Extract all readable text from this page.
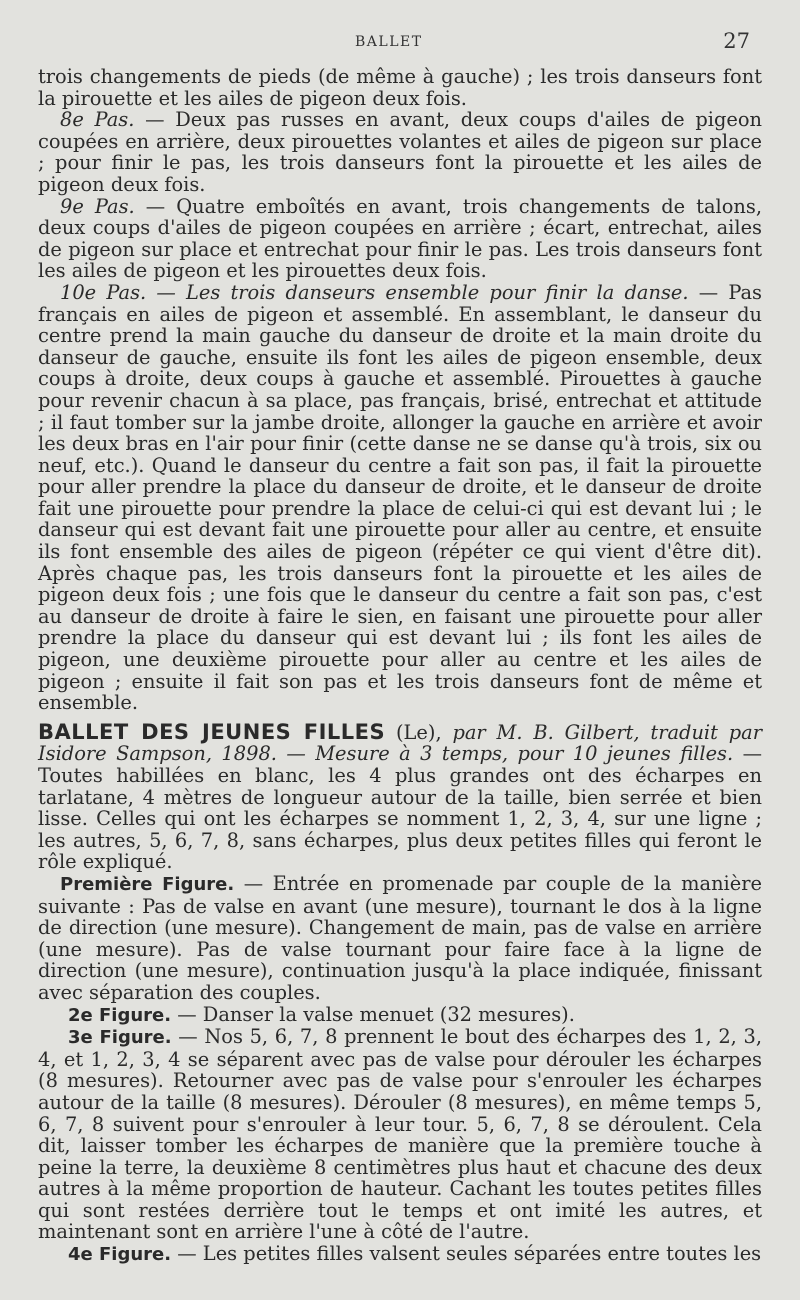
BALLET	27

trois changements de pieds (de même à gauche) ; les trois danseurs font la pirouette et les ailes de pigeon deux fois.

8e Pas. — Deux pas russes en avant, deux coups d'ailes de pigeon coupées en arrière, deux pirouettes volantes et ailes de pigeon sur place ; pour finir le pas, les trois danseurs font la pirouette et les ailes de pigeon deux fois.

9e Pas. — Quatre emboîtés en avant, trois changements de talons, deux coups d'ailes de pigeon coupées en arrière ; écart, entrechat, ailes de pigeon sur place et entrechat pour finir le pas. Les trois danseurs font les ailes de pigeon et les pirouettes deux fois.

10e Pas. — Les trois danseurs ensemble pour finir la danse. — Pas français en ailes de pigeon et assemblé. En assemblant, le danseur du centre prend la main gauche du danseur de droite et la main droite du danseur de gauche, ensuite ils font les ailes de pigeon ensemble, deux coups à droite, deux coups à gauche et assemblé. Pirouettes à gauche pour revenir chacun à sa place, pas français, brisé, entrechat et attitude ; il faut tomber sur la jambe droite, allonger la gauche en arrière et avoir les deux bras en l'air pour finir (cette danse ne se danse qu'à trois, six ou neuf, etc.). Quand le danseur du centre a fait son pas, il fait la pirouette pour aller prendre la place du danseur de droite, et le danseur de droite fait une pirouette pour prendre la place de celui-ci qui est devant lui ; le danseur qui est devant fait une pirouette pour aller au centre, et ensuite ils font ensemble des ailes de pigeon (répéter ce qui vient d'être dit). Après chaque pas, les trois danseurs font la pirouette et les ailes de pigeon deux fois ; une fois que le danseur du centre a fait son pas, c'est au danseur de droite à faire le sien, en faisant une pirouette pour aller prendre la place du danseur qui est devant lui ; ils font les ailes de pigeon, une deuxième pirouette pour aller au centre et les ailes de pigeon ; ensuite il fait son pas et les trois danseurs font de même et ensemble.

BALLET DES JEUNES FILLES (Le), par M. B. Gilbert, traduit par Isidore Sampson, 1898. — Mesure à 3 temps, pour 10 jeunes filles. — Toutes habillées en blanc, les 4 plus grandes ont des écharpes en tarlatane, 4 mètres de longueur autour de la taille, bien serrée et bien lisse. Celles qui ont les écharpes se nomment 1, 2, 3, 4, sur une ligne ; les autres, 5, 6, 7, 8, sans écharpes, plus deux petites filles qui feront le rôle expliqué.

Première Figure. — Entrée en promenade par couple de la manière suivante : Pas de valse en avant (une mesure), tournant le dos à la ligne de direction (une mesure). Changement de main, pas de valse en arrière (une mesure). Pas de valse tournant pour faire face à la ligne de direction (une mesure), continuation jusqu'à la place indiquée, finissant avec séparation des couples.

2e Figure. — Danser la valse menuet (32 mesures).

3e Figure. — Nos 5, 6, 7, 8 prennent le bout des écharpes des 1, 2, 3, 4, et 1, 2, 3, 4 se séparent avec pas de valse pour dérouler les écharpes (8 mesures). Retourner avec pas de valse pour s'enrouler les écharpes autour de la taille (8 mesures). Dérouler (8 mesures), en même temps 5, 6, 7, 8 suivent pour s'enrouler à leur tour. 5, 6, 7, 8 se déroulent. Cela dit, laisser tomber les écharpes de manière que la première touche à peine la terre, la deuxième 8 centimètres plus haut et chacune des deux autres à la même proportion de hauteur. Cachant les toutes petites filles qui sont restées derrière tout le temps et ont imité les autres, et maintenant sont en arrière l'une à côté de l'autre.

4e Figure. — Les petites filles valsent seules séparées entre toutes les
